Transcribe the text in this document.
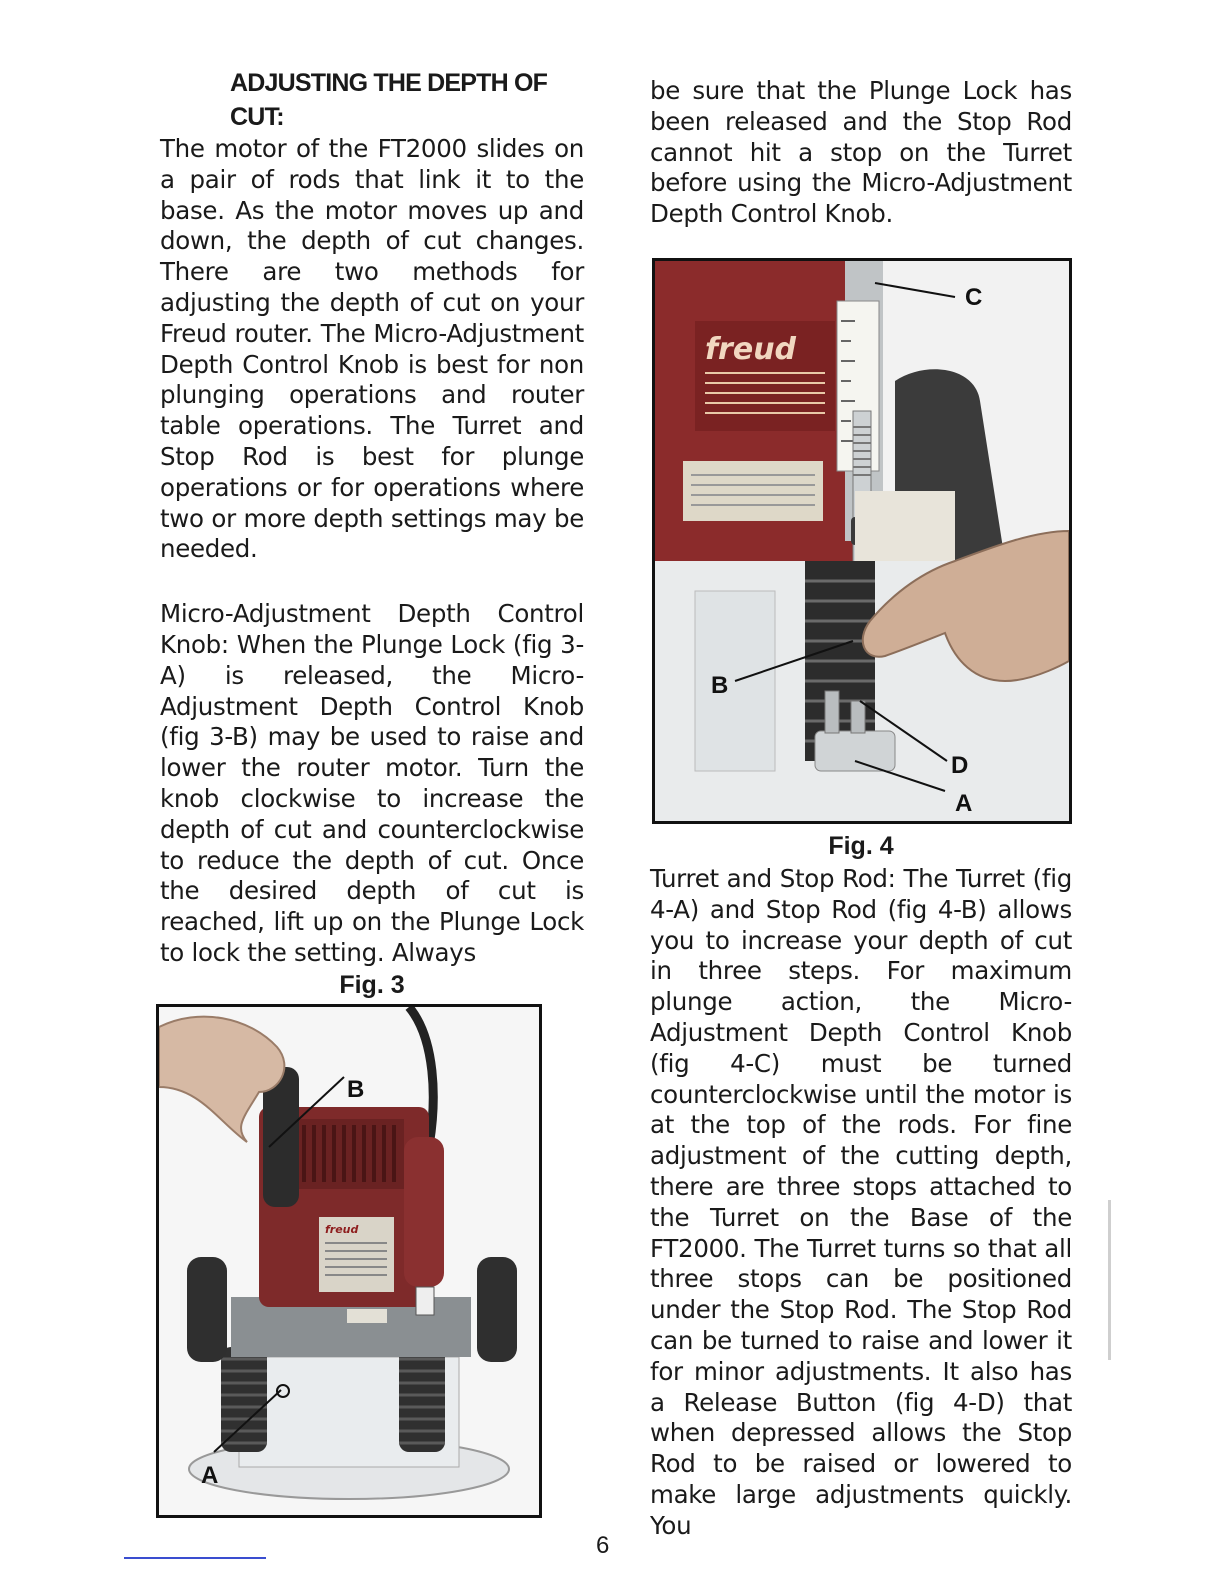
ADJUSTING THE DEPTH OF CUT:

The motor of the FT2000 slides on a pair of rods that link it to the base. As the motor moves up and down, the depth of cut changes. There are two methods for adjusting the depth of cut on your Freud router. The Micro-Adjustment Depth Control Knob is best for non plunging operations and router table operations. The Turret and Stop Rod is best for plunge operations or for operations where two or more depth settings may be needed.

Micro-Adjustment Depth Control Knob: When the Plunge Lock (fig 3-A) is released, the Micro-Adjustment Depth Control Knob (fig 3-B) may be used to raise and lower the router motor. Turn the knob clockwise to increase the depth of cut and counterclockwise to reduce the depth of cut. Once the desired depth of cut is reached, lift up on the Plunge Lock to lock the setting. Always

Fig. 3

freud
B
A

be sure that the Plunge Lock has been released and the Stop Rod cannot hit a stop on the Turret before using the Micro-Adjustment Depth Control Knob.

freud
C
B
D
A

Fig. 4

Turret and Stop Rod: The Turret (fig 4-A) and Stop Rod (fig 4-B) allows you to increase your depth of cut in three steps. For maximum plunge action, the Micro-Adjustment Depth Control Knob (fig 4-C) must be turned counterclockwise until the motor is at the top of the rods. For fine adjustment of the cutting depth, there are three stops attached to the Turret on the Base of the FT2000. The Turret turns so that all three stops can be positioned under the Stop Rod. The Stop Rod can be turned to raise and lower it for minor adjustments. It also has a Release Button (fig 4-D) that when depressed allows the Stop Rod to be raised or lowered to make large adjustments quickly. You

6
